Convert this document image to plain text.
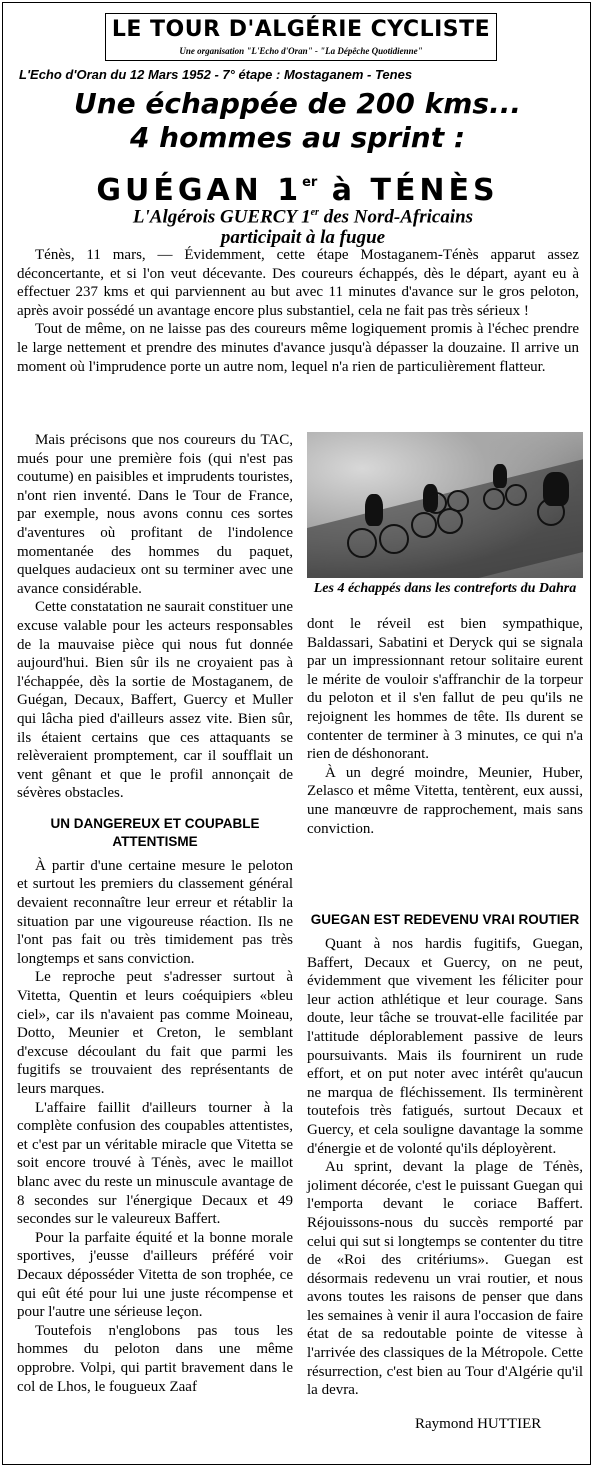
LE TOUR D'ALGÉRIE CYCLISTE
Une organisation "L'Echo d'Oran" - "La Dépêche Quotidienne"
L'Echo d'Oran du 12 Mars 1952 - 7° étape : Mostaganem - Tenes
Une échappée de 200 kms...
4 hommes au sprint :
GUÉGAN 1er à TÉNÈS
L'Algérois GUERCY 1er des Nord-Africains participait à la fugue

Ténès, 11 mars, — Évidemment, cette étape Mostaganem-Ténès apparut assez déconcertante, et si l'on veut décevante. Des coureurs échappés, dès le départ, ayant eu à effectuer 237 kms et qui parviennent au but avec 11 minutes d'avance sur le gros peloton, après avoir possédé un avantage encore plus substantiel, cela ne fait pas très sérieux !

Tout de même, on ne laisse pas des coureurs même logiquement promis à l'échec prendre le large nettement et prendre des minutes d'avance jusqu'à dépasser la douzaine. Il arrive un moment où l'imprudence porte un autre nom, lequel n'a rien de particulièrement flatteur.

Mais précisons que nos coureurs du TAC, mués pour une première fois (qui n'est pas coutume) en paisibles et imprudents touristes, n'ont rien inventé. Dans le Tour de France, par exemple, nous avons connu ces sortes d'aventures où profitant de l'indolence momentanée des hommes du paquet, quelques audacieux ont su terminer avec une avance considérable.

Cette constatation ne saurait constituer une excuse valable pour les acteurs responsables de la mauvaise pièce qui nous fut donnée aujourd'hui. Bien sûr ils ne croyaient pas à l'échappée, dès la sortie de Mostaganem, de Guégan, Decaux, Baffert, Guercy et Muller qui lâcha pied d'ailleurs assez vite. Bien sûr, ils étaient certains que ces attaquants se relèveraient promptement, car il soufflait un vent gênant et que le profil annonçait de sévères obstacles.

UN DANGEREUX ET COUPABLE ATTENTISME

À partir d'une certaine mesure le peloton et surtout les premiers du classement général devaient reconnaître leur erreur et rétablir la situation par une vigoureuse réaction. Ils ne l'ont pas fait ou très timidement pas très longtemps et sans conviction.

Le reproche peut s'adresser surtout à Vitetta, Quentin et leurs coéquipiers «bleu ciel», car ils n'avaient pas comme Moineau, Dotto, Meunier et Creton, le semblant d'excuse découlant du fait que parmi les fugitifs se trouvaient des représentants de leurs marques.

L'affaire faillit d'ailleurs tourner à la complète confusion des coupables attentistes, et c'est par un véritable miracle que Vitetta se soit encore trouvé à Ténès, avec le maillot blanc avec du reste un minuscule avantage de 8 secondes sur l'énergique Decaux et 49 secondes sur le valeureux Baffert.

Pour la parfaite équité et la bonne morale sportives, j'eusse d'ailleurs préféré voir Decaux déposséder Vitetta de son trophée, ce qui eût été pour lui une juste récompense et pour l'autre une sérieuse leçon.

Toutefois n'englobons pas tous les hommes du peloton dans une même opprobre. Volpi, qui partit bravement dans le col de Lhos, le fougueux Zaaf

Les 4 échappés dans les contreforts du Dahra

dont le réveil est bien sympathique, Baldassari, Sabatini et Deryck qui se signala par un impressionnant retour solitaire eurent le mérite de vouloir s'affranchir de la torpeur du peloton et il s'en fallut de peu qu'ils ne rejoignent les hommes de tête. Ils durent se contenter de terminer à 3 minutes, ce qui n'a rien de déshonorant.

À un degré moindre, Meunier, Huber, Zelasco et même Vitetta, tentèrent, eux aussi, une manœuvre de rapprochement, mais sans conviction.

GUEGAN EST REDEVENU VRAI ROUTIER

Quant à nos hardis fugitifs, Guegan, Baffert, Decaux et Guercy, on ne peut, évidemment que vivement les féliciter pour leur action athlétique et leur courage. Sans doute, leur tâche se trouvat-elle facilitée par l'attitude déplorablement passive de leurs poursuivants. Mais ils fournirent un rude effort, et on put noter avec intérêt qu'aucun ne marqua de fléchissement. Ils terminèrent toutefois très fatigués, surtout Decaux et Guercy, et cela souligne davantage la somme d'énergie et de volonté qu'ils déployèrent.

Au sprint, devant la plage de Ténès, joliment décorée, c'est le puissant Guegan qui l'emporta devant le coriace Baffert. Réjouissons-nous du succès remporté par celui qui sut si longtemps se contenter du titre de «Roi des critériums». Guegan est désormais redevenu un vrai routier, et nous avons toutes les raisons de penser que dans les semaines à venir il aura l'occasion de faire état de sa redoutable pointe de vitesse à l'arrivée des classiques de la Métropole. Cette résurrection, c'est bien au Tour d'Algérie qu'il la devra.

Raymond HUTTIER
